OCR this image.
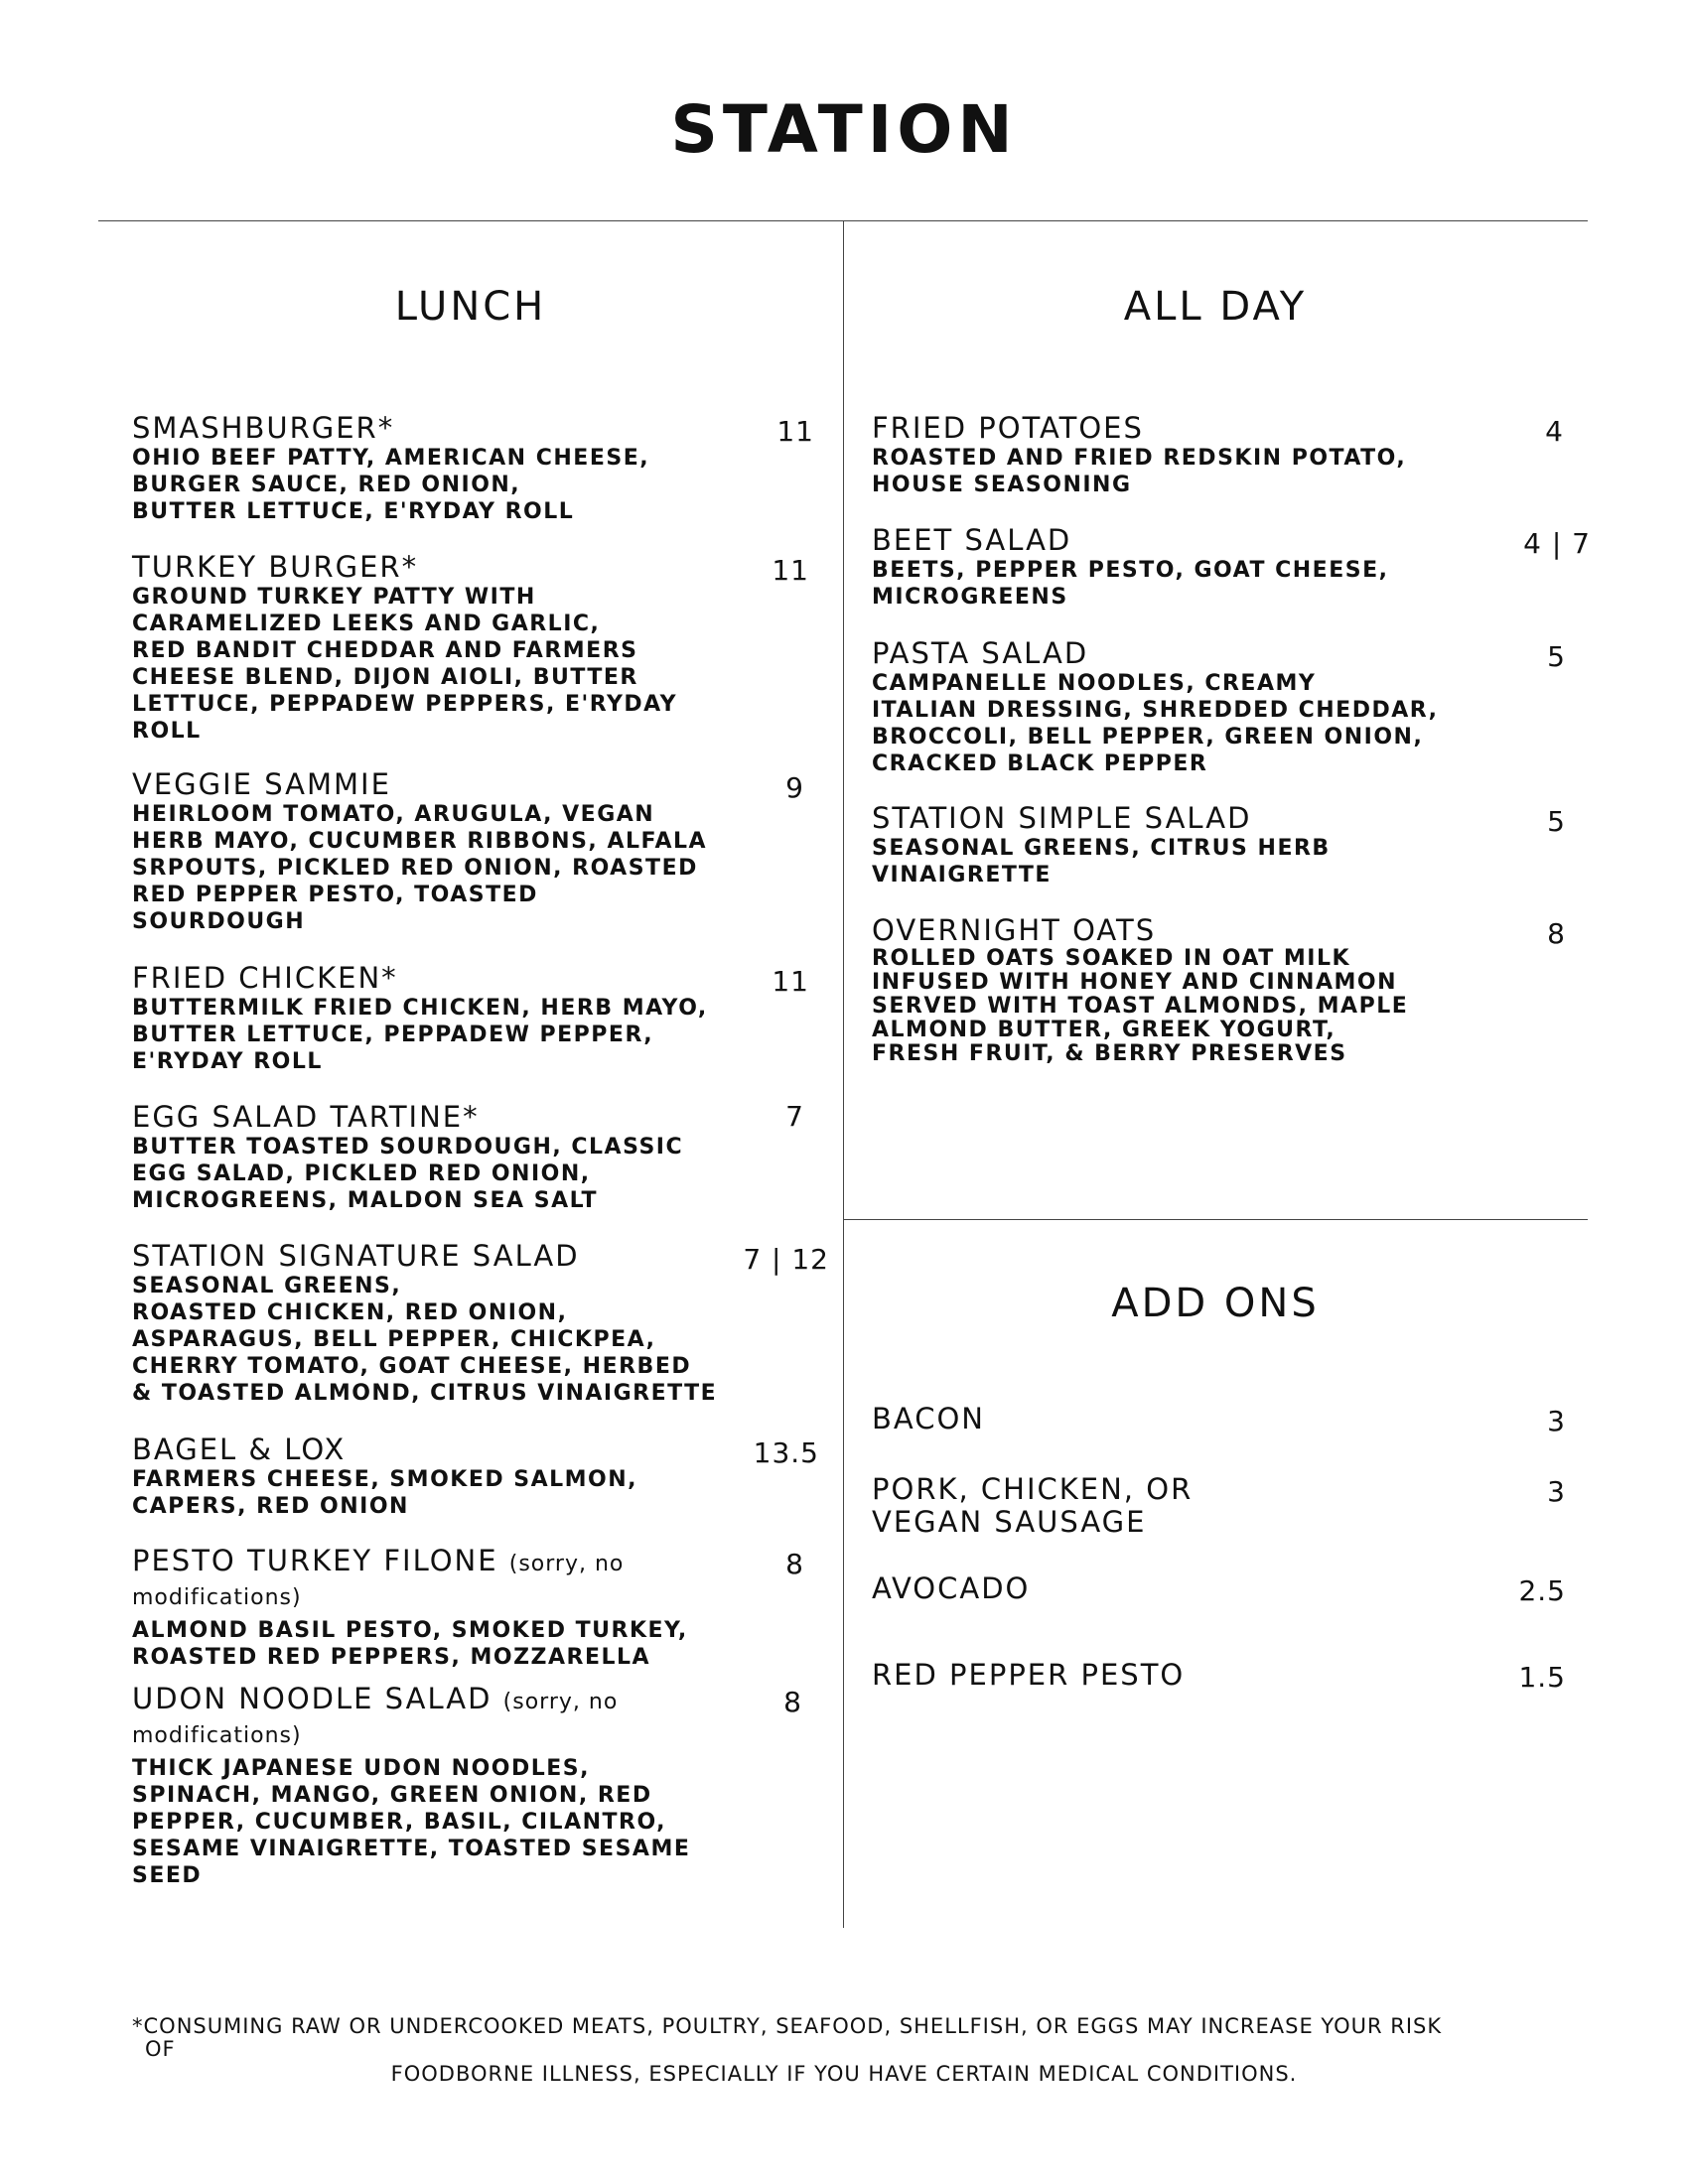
STATION
LUNCH
SMASHBURGER*
OHIO BEEF PATTY, AMERICAN CHEESE,
BURGER SAUCE, RED ONION,
BUTTER LETTUCE, E'RYDAY ROLL
11
TURKEY BURGER*
GROUND TURKEY PATTY WITH
CARAMELIZED LEEKS AND GARLIC,
RED BANDIT CHEDDAR AND FARMERS
CHEESE BLEND, DIJON AIOLI, BUTTER
LETTUCE, PEPPADEW PEPPERS, E'RYDAY
ROLL
11
VEGGIE SAMMIE
HEIRLOOM TOMATO, ARUGULA, VEGAN
HERB MAYO, CUCUMBER RIBBONS, ALFALA
SRPOUTS, PICKLED RED ONION, ROASTED
RED PEPPER PESTO, TOASTED
SOURDOUGH
9
FRIED CHICKEN*
BUTTERMILK FRIED CHICKEN, HERB MAYO,
BUTTER LETTUCE, PEPPADEW PEPPER,
E'RYDAY ROLL
11
EGG SALAD TARTINE*
BUTTER TOASTED SOURDOUGH, CLASSIC
EGG SALAD, PICKLED RED ONION,
MICROGREENS, MALDON SEA SALT
7
STATION SIGNATURE SALAD
SEASONAL GREENS,
ROASTED CHICKEN, RED ONION,
ASPARAGUS, BELL PEPPER, CHICKPEA,
CHERRY TOMATO, GOAT CHEESE, HERBED
& TOASTED ALMOND, CITRUS VINAIGRETTE
7 | 12
BAGEL & LOX
FARMERS CHEESE, SMOKED SALMON,
CAPERS, RED ONION
13.5
PESTO TURKEY FILONE (sorry, no modifications)
ALMOND BASIL PESTO, SMOKED TURKEY,
ROASTED RED PEPPERS, MOZZARELLA
8
UDON NOODLE SALAD (sorry, no modifications)
THICK JAPANESE UDON NOODLES,
SPINACH, MANGO, GREEN ONION, RED
PEPPER, CUCUMBER, BASIL, CILANTRO,
SESAME VINAIGRETTE, TOASTED SESAME
SEED
8
ALL DAY
FRIED POTATOES
ROASTED AND FRIED REDSKIN POTATO,
HOUSE SEASONING
4
BEET SALAD
BEETS, PEPPER PESTO, GOAT CHEESE,
MICROGREENS
4 | 7
PASTA SALAD
CAMPANELLE NOODLES, CREAMY
ITALIAN DRESSING, SHREDDED CHEDDAR,
BROCCOLI, BELL PEPPER, GREEN ONION,
CRACKED BLACK PEPPER
5
STATION SIMPLE SALAD
SEASONAL GREENS, CITRUS HERB
VINAIGRETTE
5
OVERNIGHT OATS
ROLLED OATS SOAKED IN OAT MILK
INFUSED WITH HONEY AND CINNAMON
SERVED WITH TOAST ALMONDS, MAPLE
ALMOND BUTTER, GREEK YOGURT,
FRESH FRUIT, & BERRY PRESERVES
8
ADD ONS
BACON	3
PORK, CHICKEN, OR
VEGAN SAUSAGE
3
AVOCADO	2.5
RED PEPPER PESTO	1.5
*CONSUMING RAW OR UNDERCOOKED MEATS, POULTRY, SEAFOOD, SHELLFISH, OR EGGS MAY INCREASE YOUR RISK
OF
FOODBORNE ILLNESS, ESPECIALLY IF YOU HAVE CERTAIN MEDICAL CONDITIONS.
